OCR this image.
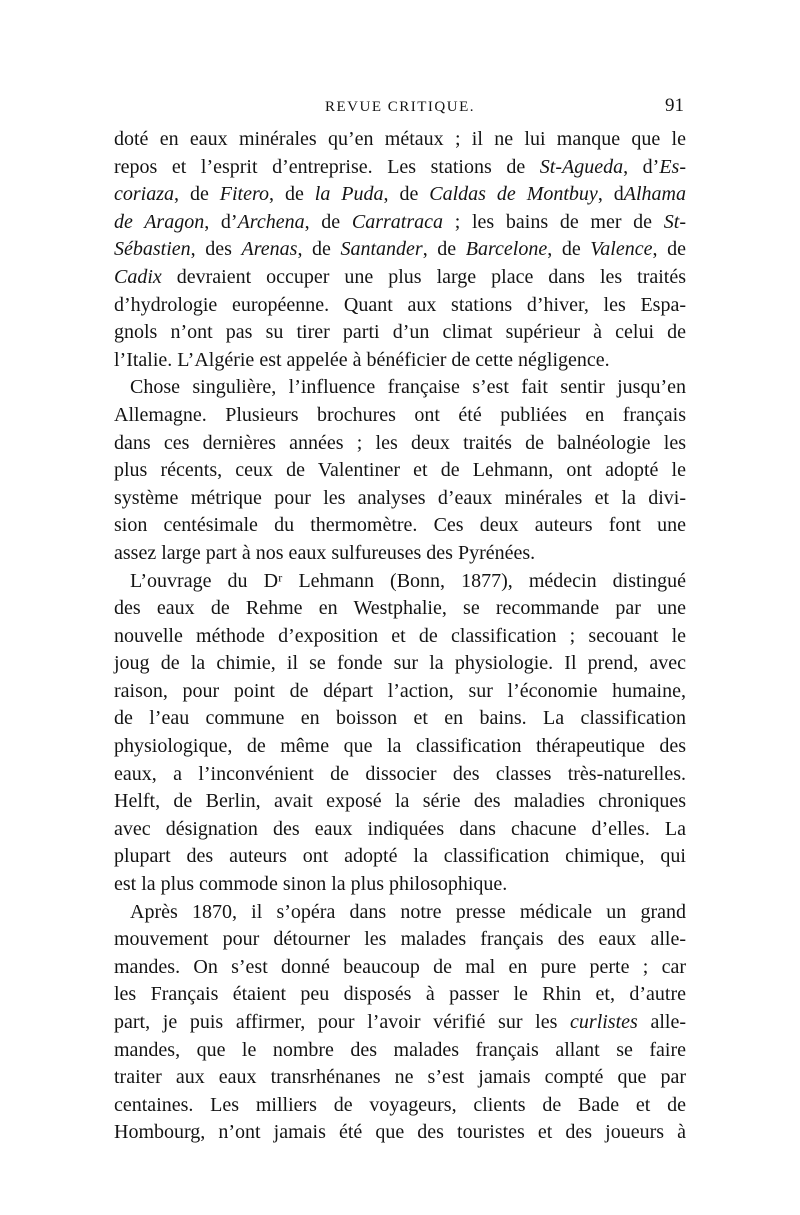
REVUE CRITIQUE.	91
doté en eaux minérales qu’en métaux ; il ne lui manque que le
repos et l’esprit d’entreprise. Les stations de St-Agueda, d’Es-
coriaza, de Fitero, de la Puda, de Caldas de Montbuy, dAlhama
de Aragon, d’Archena, de Carratraca ; les bains de mer de St-
Sébastien, des Arenas, de Santander, de Barcelone, de Valence, de
Cadix devraient occuper une plus large place dans les traités
d’hydrologie européenne. Quant aux stations d’hiver, les Espa-
gnols n’ont pas su tirer parti d’un climat supérieur à celui de
l’Italie. L’Algérie est appelée à bénéficier de cette négligence.
Chose singulière, l’influence française s’est fait sentir jusqu’en
Allemagne. Plusieurs brochures ont été publiées en français
dans ces dernières années ; les deux traités de balnéologie les
plus récents, ceux de Valentiner et de Lehmann, ont adopté le
système métrique pour les analyses d’eaux minérales et la divi-
sion centésimale du thermomètre. Ces deux auteurs font une
assez large part à nos eaux sulfureuses des Pyrénées.
L’ouvrage du Dʳ Lehmann (Bonn, 1877), médecin distingué
des eaux de Rehme en Westphalie, se recommande par une
nouvelle méthode d’exposition et de classification ; secouant le
joug de la chimie, il se fonde sur la physiologie. Il prend, avec
raison, pour point de départ l’action, sur l’économie humaine,
de l’eau commune en boisson et en bains. La classification
physiologique, de même que la classification thérapeutique des
eaux, a l’inconvénient de dissocier des classes très-naturelles.
Helft, de Berlin, avait exposé la série des maladies chroniques
avec désignation des eaux indiquées dans chacune d’elles. La
plupart des auteurs ont adopté la classification chimique, qui
est la plus commode sinon la plus philosophique.
Après 1870, il s’opéra dans notre presse médicale un grand
mouvement pour détourner les malades français des eaux alle-
mandes. On s’est donné beaucoup de mal en pure perte ; car
les Français étaient peu disposés à passer le Rhin et, d’autre
part, je puis affirmer, pour l’avoir vérifié sur les curlistes alle-
mandes, que le nombre des malades français allant se faire
traiter aux eaux transrhénanes ne s’est jamais compté que par
centaines. Les milliers de voyageurs, clients de Bade et de
Hombourg, n’ont jamais été que des touristes et des joueurs à
